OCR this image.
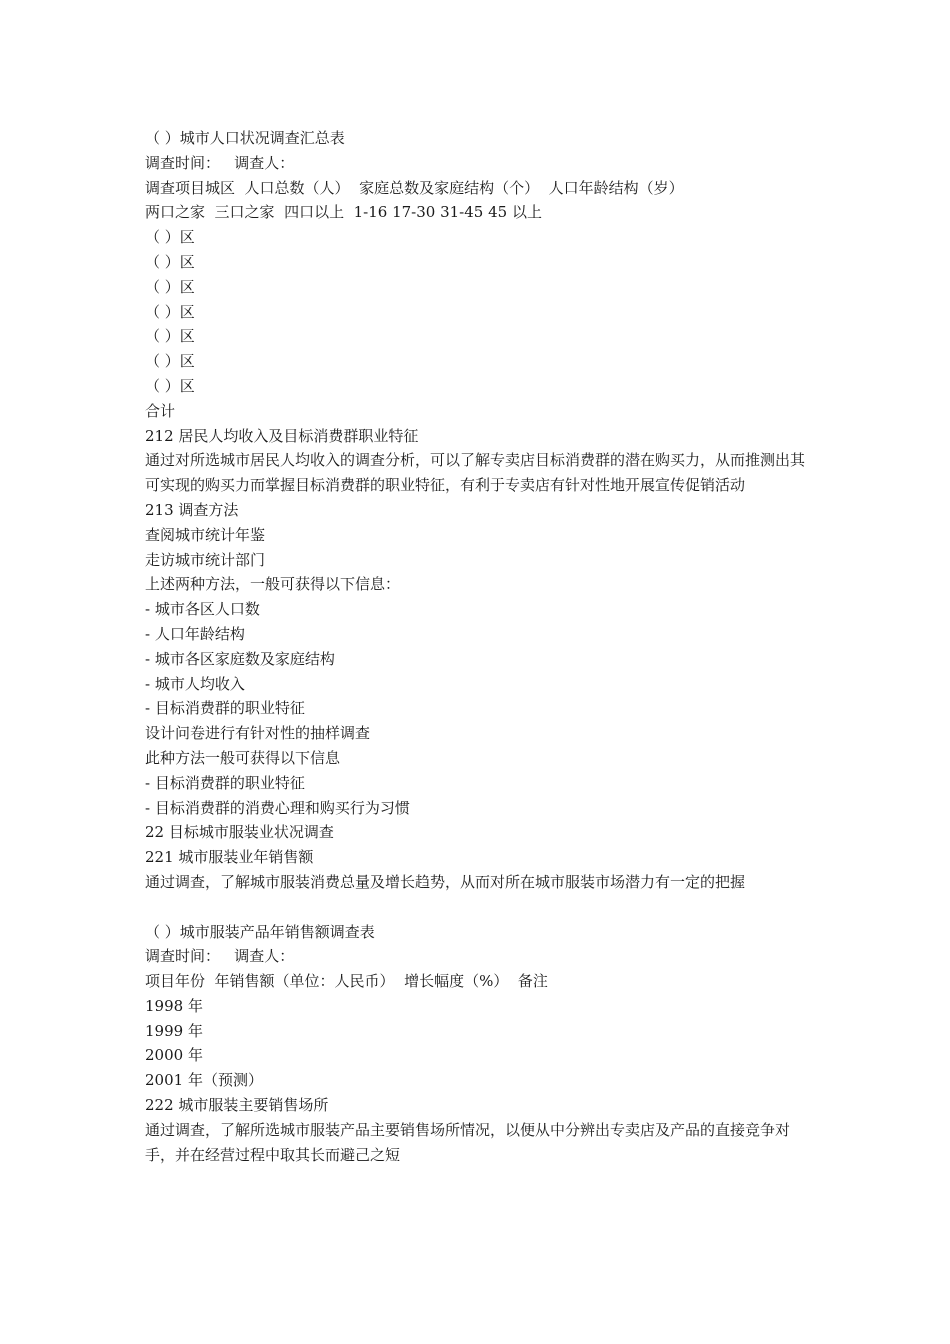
（ ）城市人口状况调查汇总表
调查时间：   调查人：
调查项目城区  人口总数（人）  家庭总数及家庭结构（个）  人口年龄结构（岁）
两口之家  三口之家  四口以上  1-16 17-30 31-45 45 以上
（ ）区
（ ）区
（ ）区
（ ）区
（ ）区
（ ）区
（ ）区
合计
212 居民人均收入及目标消费群职业特征
通过对所选城市居民人均收入的调查分析，可以了解专卖店目标消费群的潜在购买力，从而推测出其可实现的购买力而掌握目标消费群的职业特征，有利于专卖店有针对性地开展宣传促销活动
213 调查方法
查阅城市统计年鉴
走访城市统计部门
上述两种方法，一般可获得以下信息：
- 城市各区人口数
- 人口年龄结构
- 城市各区家庭数及家庭结构
- 城市人均收入
- 目标消费群的职业特征
设计问卷进行有针对性的抽样调查
此种方法一般可获得以下信息
- 目标消费群的职业特征
- 目标消费群的消费心理和购买行为习惯
22 目标城市服装业状况调查
221 城市服装业年销售额
通过调查，了解城市服装消费总量及增长趋势，从而对所在城市服装市场潜力有一定的把握
（ ）城市服装产品年销售额调查表
调查时间：   调查人：
项目年份  年销售额（单位：人民币）  增长幅度（%）  备注
1998 年
1999 年
2000 年
2001 年（预测）
222 城市服装主要销售场所
通过调查，了解所选城市服装产品主要销售场所情况，以便从中分辨出专卖店及产品的直接竞争对手，并在经营过程中取其长而避己之短
